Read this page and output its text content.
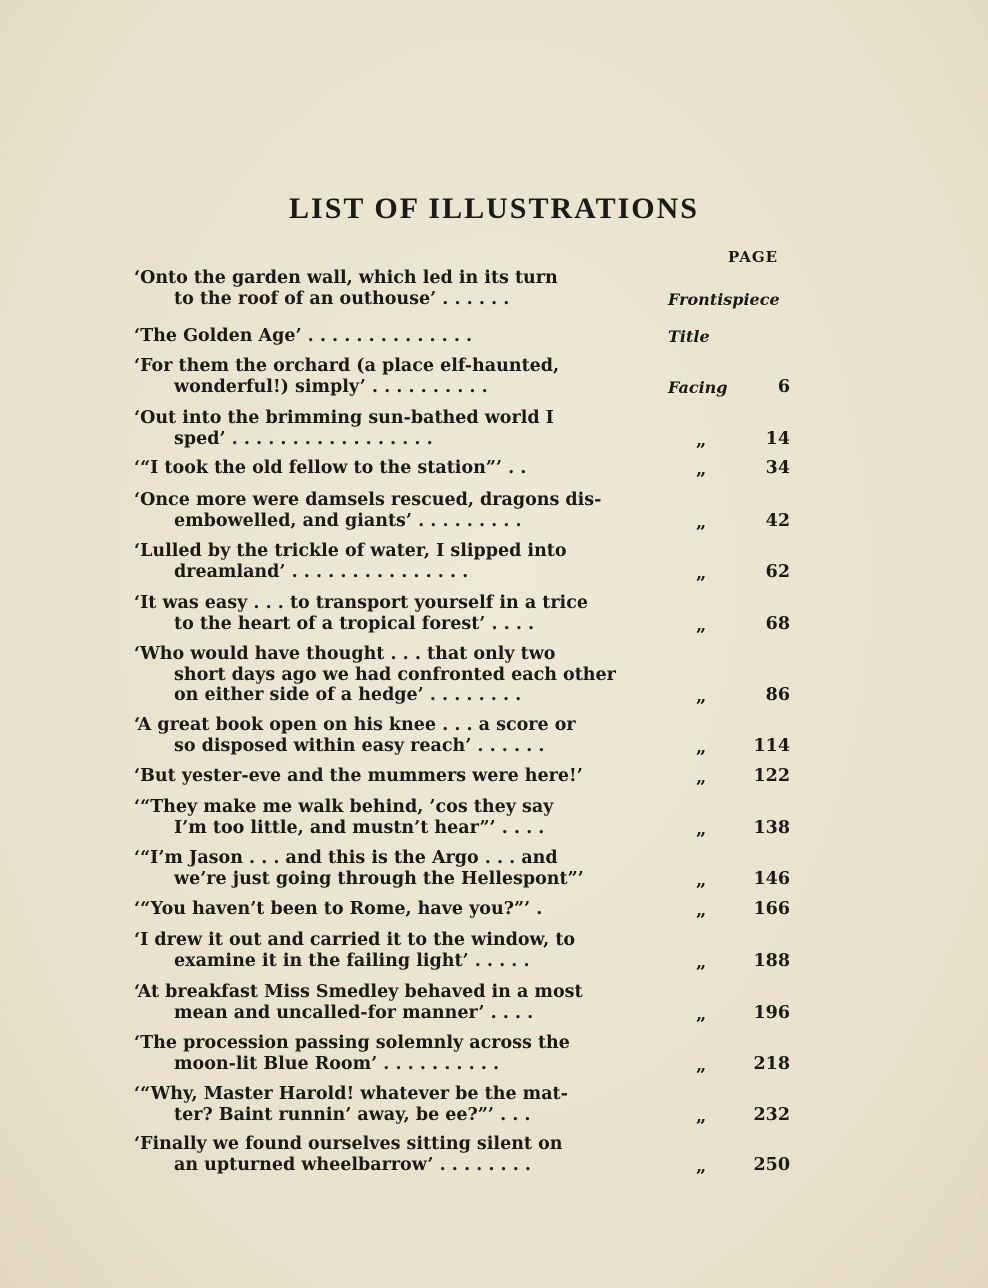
LIST OF ILLUSTRATIONS
PAGE
‘Onto the garden wall, which led in its turn
to the roof of an outhouse’ . . . . . .	Frontispiece
‘The Golden Age’ . . . . . . . . . . . . . .	Title
‘For them the orchard (a place elf-haunted,
wonderful!) simply’ . . . . . . . . . .	Facing	6
‘Out into the brimming sun-bathed world I
sped’ . . . . . . . . . . . . . . . . .	„	14
‘“I took the old fellow to the station”’ . .	„	34
‘Once more were damsels rescued, dragons dis-
embowelled, and giants’ . . . . . . . . .	„	42
‘Lulled by the trickle of water, I slipped into
dreamland’ . . . . . . . . . . . . . . .	„	62
‘It was easy . . . to transport yourself in a trice
to the heart of a tropical forest’ . . . .	„	68
‘Who would have thought . . . that only two
short days ago we had confronted each other
on either side of a hedge’ . . . . . . . .	„	86
‘A great book open on his knee . . . a score or
so disposed within easy reach’ . . . . . .	„	114
‘But yester-eve and the mummers were here!’	„	122
‘“They make me walk behind, ’cos they say
I’m too little, and mustn’t hear”’ . . . .	„	138
‘“I’m Jason . . . and this is the Argo . . . and
we’re just going through the Hellespont”’	„	146
‘“You haven’t been to Rome, have you?”’ .	„	166
‘I drew it out and carried it to the window, to
examine it in the failing light’ . . . . .	„	188
‘At breakfast Miss Smedley behaved in a most
mean and uncalled-for manner’ . . . .	„	196
‘The procession passing solemnly across the
moon-lit Blue Room’ . . . . . . . . . .	„	218
‘“Why, Master Harold! whatever be the mat-
ter? Baint runnin’ away, be ee?”’ . . .	„	232
‘Finally we found ourselves sitting silent on
an upturned wheelbarrow’ . . . . . . . .	„	250
